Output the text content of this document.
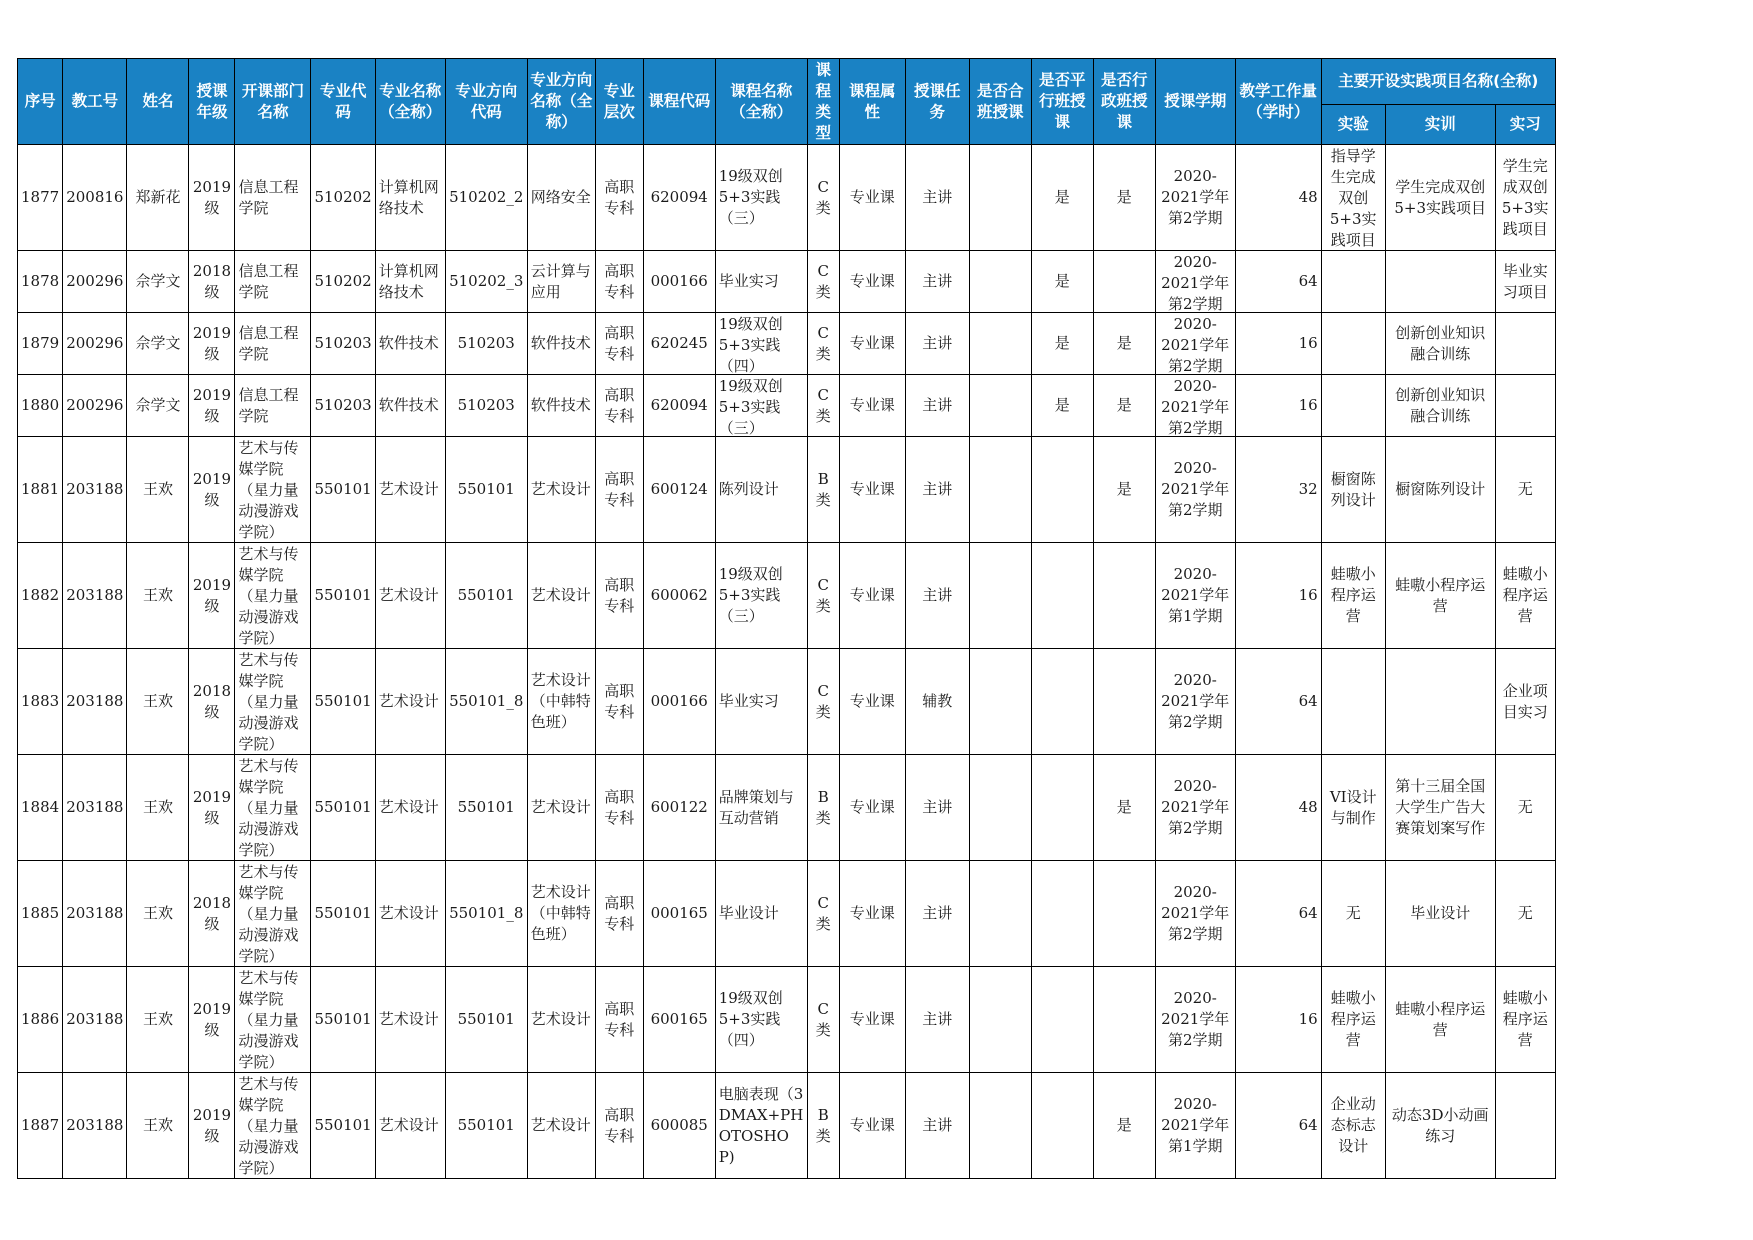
序号	教工号	姓名	授课年级	开课部门名称	专业代码	专业名称（全称）	专业方向代码	专业方向名称（全称）	专业层次	课程代码	课程名称（全称）	课程类型	课程属性	授课任务	是否合班授课	是否平行班授课	是否行政班授课	授课学期	教学工作量（学时）	主要开设实践项目名称(全称)		

																				实验	实训	实习

1877	200816	郑新花	2019级	信息工程学院	510202	计算机网络技术	510202_2	网络安全	高职专科	620094	19级双创5+3实践（三）	C类	专业课	主讲		是	是	2020-2021学年第2学期	48	指导学生完成双创5+3实践项目	学生完成双创5+3实践项目	学生完成双创5+3实践项目
1878	200296	佘学文	2018级	信息工程学院	510202	计算机网络技术	510202_3	云计算与应用	高职专科	000166	毕业实习	C类	专业课	主讲		是		2020-2021学年第2学期	64			毕业实习项目
1879	200296	佘学文	2019级	信息工程学院	510203	软件技术	510203	软件技术	高职专科	620245	19级双创5+3实践（四）	C类	专业课	主讲		是	是	2020-2021学年第2学期	16		创新创业知识融合训练	
1880	200296	佘学文	2019级	信息工程学院	510203	软件技术	510203	软件技术	高职专科	620094	19级双创5+3实践（三）	C类	专业课	主讲		是	是	2020-2021学年第2学期	16		创新创业知识融合训练	
1881	203188	王欢	2019级	艺术与传媒学院（星力量动漫游戏学院）	550101	艺术设计	550101	艺术设计	高职专科	600124	陈列设计	B类	专业课	主讲			是	2020-2021学年第2学期	32	橱窗陈列设计	橱窗陈列设计	无
1882	203188	王欢	2019级	艺术与传媒学院（星力量动漫游戏学院）	550101	艺术设计	550101	艺术设计	高职专科	600062	19级双创5+3实践（三）	C类	专业课	主讲				2020-2021学年第1学期	16	蛙嗷小程序运营	蛙嗷小程序运营	蛙嗷小程序运营
1883	203188	王欢	2018级	艺术与传媒学院（星力量动漫游戏学院）	550101	艺术设计	550101_8	艺术设计（中韩特色班）	高职专科	000166	毕业实习	C类	专业课	辅教				2020-2021学年第2学期	64			企业项目实习
1884	203188	王欢	2019级	艺术与传媒学院（星力量动漫游戏学院）	550101	艺术设计	550101	艺术设计	高职专科	600122	品牌策划与互动营销	B类	专业课	主讲			是	2020-2021学年第2学期	48	VI设计与制作	第十三届全国大学生广告大赛策划案写作	无
1885	203188	王欢	2018级	艺术与传媒学院（星力量动漫游戏学院）	550101	艺术设计	550101_8	艺术设计（中韩特色班）	高职专科	000165	毕业设计	C类	专业课	主讲				2020-2021学年第2学期	64	无	毕业设计	无
1886	203188	王欢	2019级	艺术与传媒学院（星力量动漫游戏学院）	550101	艺术设计	550101	艺术设计	高职专科	600165	19级双创5+3实践（四）	C类	专业课	主讲				2020-2021学年第2学期	16	蛙嗷小程序运营	蛙嗷小程序运营	蛙嗷小程序运营
1887	203188	王欢	2019级	艺术与传媒学院（星力量动漫游戏学院）	550101	艺术设计	550101	艺术设计	高职专科	600085	电脑表现（3DMAX+PHOTOSHOP)	B类	专业课	主讲			是	2020-2021学年第1学期	64	企业动态标志设计	动态3D小动画练习	
